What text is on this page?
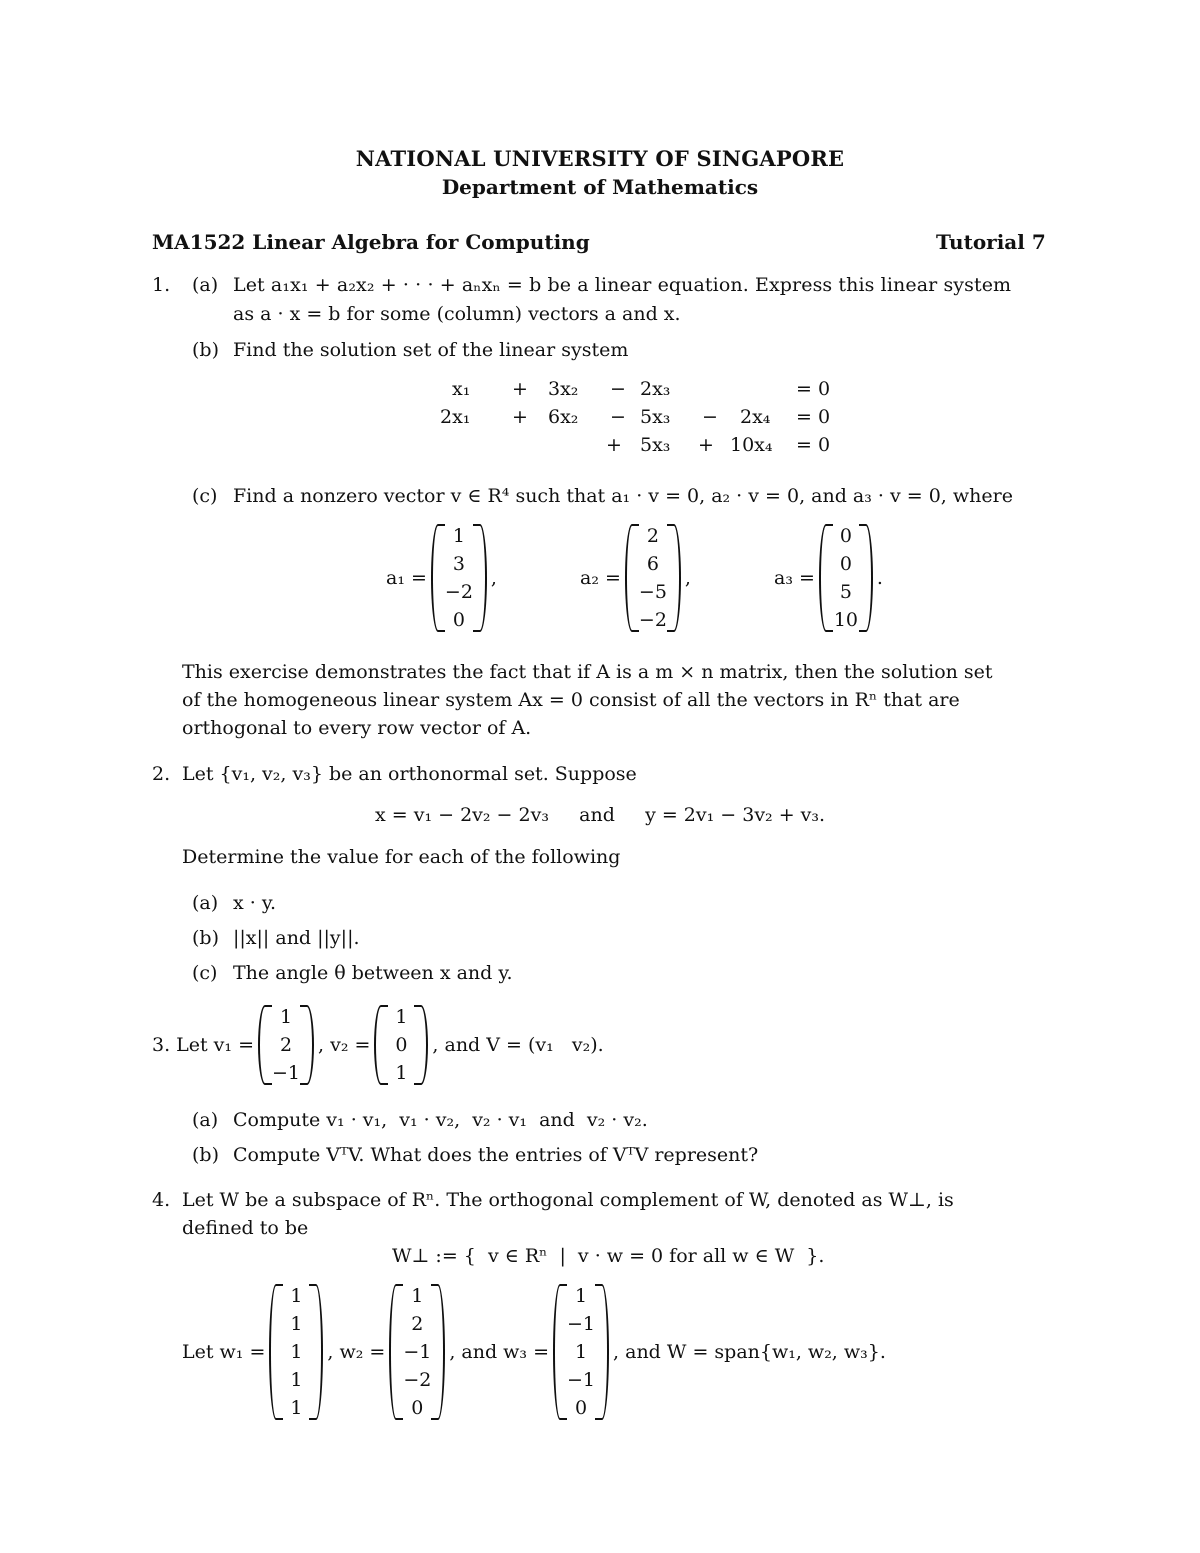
NATIONAL UNIVERSITY OF SINGAPORE
Department of Mathematics
MA1522 Linear Algebra for Computing	Tutorial 7
1. (a) Let a₁x₁ + a₂x₂ + · · · + aₙxₙ = b be a linear equation. Express this linear system
as a · x = b for some (column) vectors a and x.
(b) Find the solution set of the linear system
x₁ + 3x₂ − 2x₃	= 0
2x₁ + 6x₂ − 5x₃ − 2x₄ = 0
+ 5x₃ + 10x₄ = 0
(c) Find a nonzero vector v ∈ R⁴ such that a₁ · v = 0, a₂ · v = 0, and a₃ · v = 0, where
a₁ =
1
3
−2
0
,	a₂ =
2
6
−5
−2
,	a₃ =
0
0
5
10
.
This exercise demonstrates the fact that if A is a m × n matrix, then the solution set
of the homogeneous linear system Ax = 0 consist of all the vectors in Rⁿ that are
orthogonal to every row vector of A.
2. Let {v₁, v₂, v₃} be an orthonormal set. Suppose
x = v₁ − 2v₂ − 2v₃     and     y = 2v₁ − 3v₂ + v₃.
Determine the value for each of the following
(a) x · y.
(b) ||x|| and ||y||.
(c) The angle θ between x and y.
3. Let v₁ =
1
2
−1
, v₂ =
1
0
1
, and V = (v₁   v₂).
(a) Compute v₁ · v₁,  v₁ · v₂,  v₂ · v₁  and  v₂ · v₂.
(b) Compute VᵀV. What does the entries of VᵀV represent?
4. Let W be a subspace of Rⁿ. The orthogonal complement of W, denoted as W⊥, is
defined to be
W⊥ := {  v ∈ Rⁿ  |  v · w = 0 for all w ∈ W  }.
Let w₁ =
1
1
1
1
1
, w₂ =
1
2
−1
−2
0
, and w₃ =
1
−1
1
−1
0
, and W = span{w₁, w₂, w₃}.
